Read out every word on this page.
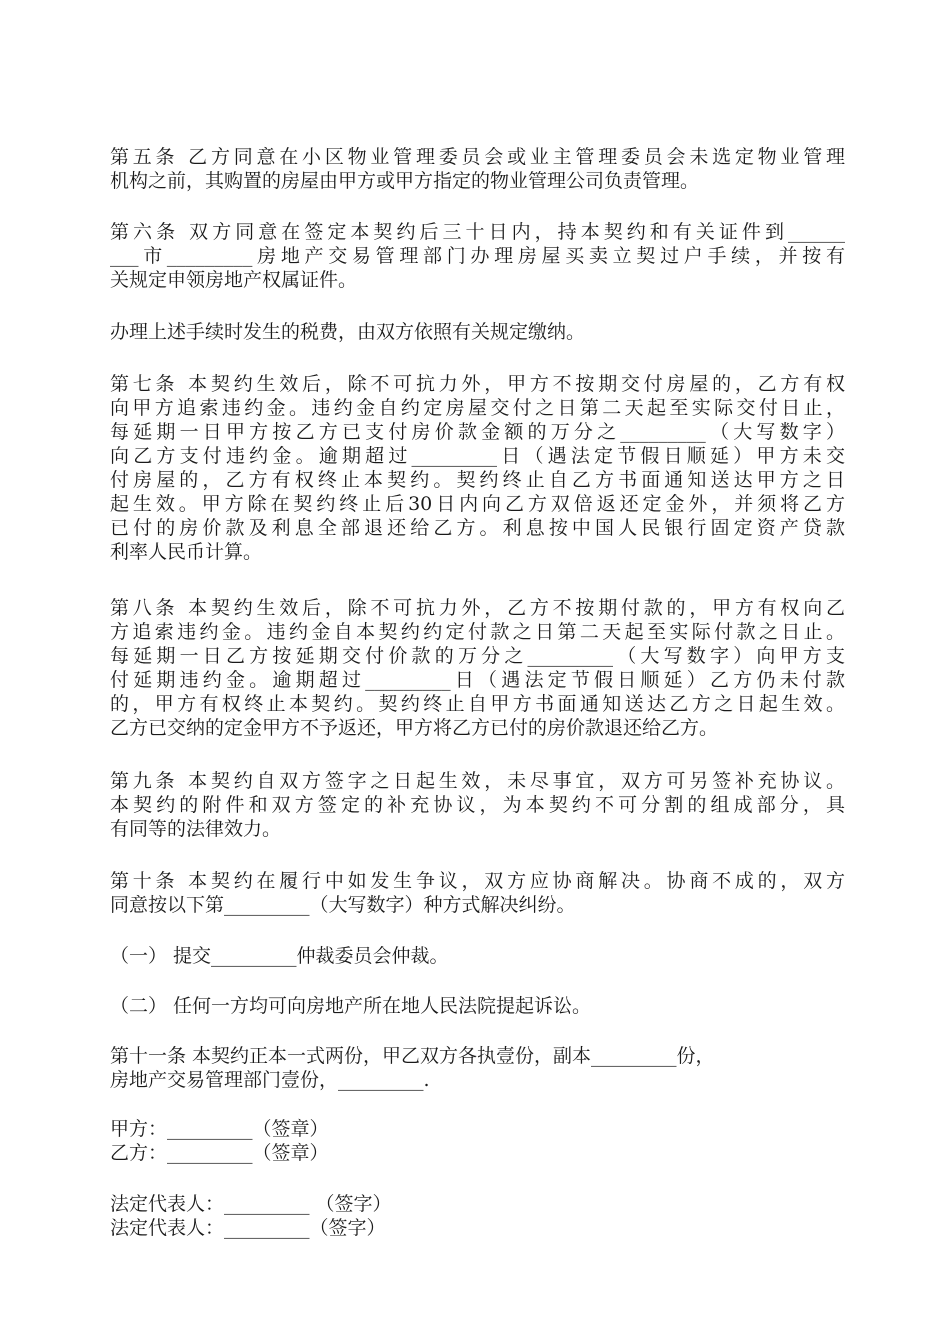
第五条 乙方同意在小区物业管理委员会或业主管理委员会未选定物业管理
机构之前，其购置的房屋由甲方或甲方指定的物业管理公司负责管理。
第六条 双方同意在签定本契约后三十日内，持本契约和有关证件到______
___市_________房地产交易管理部门办理房屋买卖立契过户手续，并按有
关规定申领房地产权属证件。
办理上述手续时发生的税费，由双方依照有关规定缴纳。
第七条 本契约生效后，除不可抗力外，甲方不按期交付房屋的，乙方有权
向甲方追索违约金。违约金自约定房屋交付之日第二天起至实际交付日止，
每延期一日甲方按乙方已支付房价款金额的万分之_________（大写数字）
向乙方支付违约金。逾期超过_________日（遇法定节假日顺延）甲方未交
付房屋的，乙方有权终止本契约。契约终止自乙方书面通知送达甲方之日
起生效。甲方除在契约终止后30日内向乙方双倍返还定金外，并须将乙方
已付的房价款及利息全部退还给乙方。利息按中国人民银行固定资产贷款
利率人民币计算。
第八条 本契约生效后，除不可抗力外，乙方不按期付款的，甲方有权向乙
方追索违约金。违约金自本契约约定付款之日第二天起至实际付款之日止。
每延期一日乙方按延期交付价款的万分之_________（大写数字）向甲方支
付延期违约金。逾期超过_________日（遇法定节假日顺延）乙方仍未付款
的，甲方有权终止本契约。契约终止自甲方书面通知送达乙方之日起生效。
乙方已交纳的定金甲方不予返还，甲方将乙方已付的房价款退还给乙方。
第九条 本契约自双方签字之日起生效，未尽事宜，双方可另签补充协议。
本契约的附件和双方签定的补充协议，为本契约不可分割的组成部分，具
有同等的法律效力。
第十条 本契约在履行中如发生争议，双方应协商解决。协商不成的，双方
同意按以下第_________（大写数字）种方式解决纠纷。
（一） 提交_________仲裁委员会仲裁。
（二） 任何一方均可向房地产所在地人民法院提起诉讼。
第十一条 本契约正本一式两份，甲乙双方各执壹份，副本_________份，
房地产交易管理部门壹份，_________.
甲方：_________（签章）
乙方：_________（签章）
法定代表人：_________ （签字）
法定代表人：_________（签字）
